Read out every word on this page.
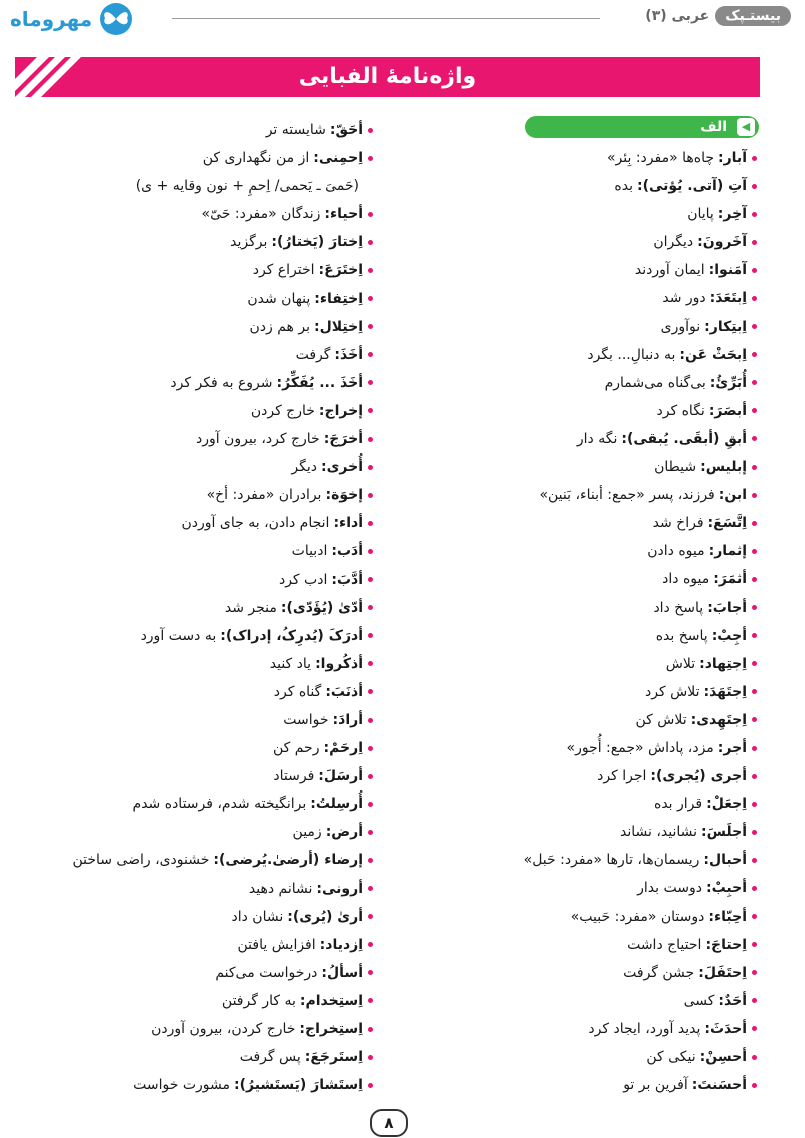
مهروماه	بیستـپک
عربی (۳)
واژه‌نامهٔ الفبایی
◀
الف
آبار:
چاه‌ها «مفرد: بِئر»
آتِ (آتی. یُؤتی):
بده
آخِر:
پایان
آخَرونَ:
دیگران
آمَنوا:
ایمان آوردند
اِبتَعَدَ:
دور شد
اِبتِکار:
نوآوری
اِبحَثْ عَن:
به دنبالِ... بگرد
أُبَرِّئُ:
بی‌گناه می‌شمارم
أبصَرَ:
نگاه کرد
أبقِ (أبقَی. یُبقی):
نگه دار
إبلیس:
شیطان
ابن:
فرزند، پسر «جمع: أبناء، بَنین»
اِتَّسَعَ:
فراخ شد
إثمار:
میوه دادن
أثمَرَ:
میوه داد
أجابَ:
پاسخ داد
أجِبْ:
پاسخ بده
اِجتِهاد:
تلاش
اِجتَهَدَ:
تلاش کرد
اِجتَهِدی:
تلاش کن
أجر:
مزد، پاداش «جمع: أُجور»
أجری (یُجری):
اجرا کرد
اِجعَلْ:
قرار بده
أجلَسَ:
نشانید، نشاند
أحبال:
ریسمان‌ها، تارها «مفرد: حَبل»
أحبِبْ:
دوست بدار
أحِبّاء:
دوستان «مفرد: حَبیب»
اِحتاجَ:
احتیاج داشت
اِحتَفَلَ:
جشن گرفت
أحَدٌ:
کسی
أحدَثَ:
پدید آورد، ایجاد کرد
أحسِنْ:
نیکی کن
أحسَنتَ:
آفرین بر تو
أحَقّ:
شایسته تر
اِحمِنی:
از من نگهداری کن
(حَمیَ ـ یَحمی/ اِحمِ + نون وقایه + ی)
أحیاء:
زندگان «مفرد: حَیّ»
اِختارَ (یَختارُ):
برگزید
اِختَرَعَ:
اختراع کرد
اِختِفاء:
پنهان شدن
اِختِلال:
بر هم زدن
أخَذَ:
گرفت
أخَذَ ... یُفَکِّرُ:
شروع به فکر کرد
إخراج:
خارج کردن
أخرَجَ:
خارج کرد، بیرون آورد
أُخری:
دیگر
إخوَة:
برادران «مفرد: أخ»
أداء:
انجام دادن، به جای آوردن
أدَب:
ادبیات
أدَّبَ:
ادب کرد
أدّیٰ (یُؤَدّی):
منجر شد
أدرَکَ (یُدرِکُ، إدراک):
به دست آورد
أذکُروا:
یاد کنید
أذنَبَ:
گناه کرد
أرادَ:
خواست
اِرحَمْ:
رحم کن
أرسَلَ:
فرستاد
أُرسِلتُ:
برانگیخته شدم، فرستاده شدم
أرض:
زمین
إرضاء (أرضیٰ.یُرضی):
خشنودی، راضی ساختن
أرونی:
نشانم دهید
أریٰ (یُری):
نشان داد
اِزدیاد:
افزایش یافتن
أسألُ:
درخواست می‌کنم
اِستِخدام:
به کار گرفتن
اِستِخراج:
خارج کردن، بیرون آوردن
اِستَرجَعَ:
پس گرفت
اِستَشارَ (یَستَشیرُ):
مشورت خواست
۸
